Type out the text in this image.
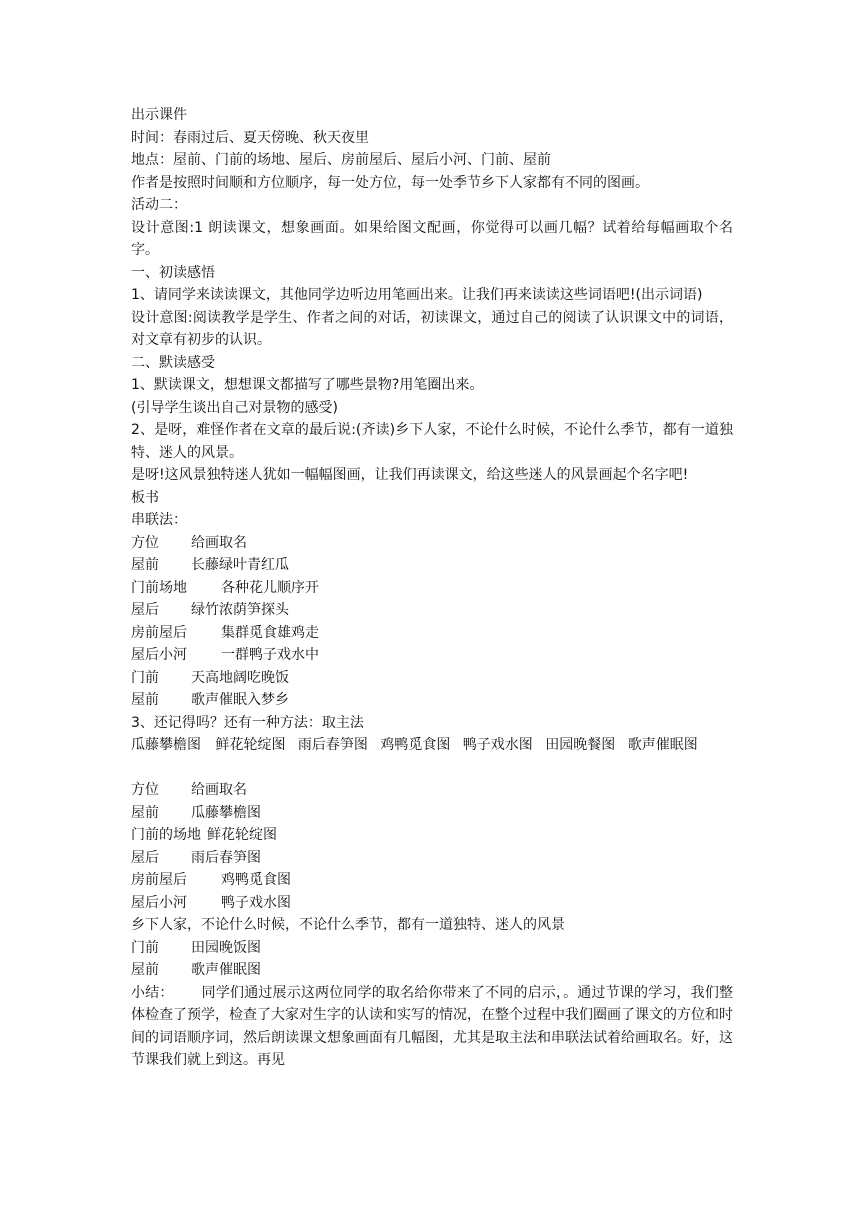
出示课件
时间：春雨过后、夏天傍晚、秋天夜里
地点：屋前、门前的场地、屋后、房前屋后、屋后小河、门前、屋前
作者是按照时间顺和方位顺序，每一处方位，每一处季节乡下人家都有不同的图画。
活动二：
设计意图:1 朗读课文，想象画面。如果给图文配画，你觉得可以画几幅？试着给每幅画取个名字。
一、初读感悟
1、请同学来读读课文，其他同学边听边用笔画出来。让我们再来读读这些词语吧!(出示词语)
设计意图:阅读教学是学生、作者之间的对话，初读课文，通过自己的阅读了认识课文中的词语，对文章有初步的认识。
二、默读感受
1、默读课文，想想课文都描写了哪些景物?用笔圈出来。
(引导学生谈出自己对景物的感受)
2、是呀，难怪作者在文章的最后说:(齐读)乡下人家，不论什么时候，不论什么季节，都有一道独特、迷人的风景。
是呀!这风景独特迷人犹如一幅幅图画，让我们再读课文，给这些迷人的风景画起个名字吧!
板书
串联法：
方位	给画取名
屋前	长藤绿叶青红瓜
门前场地	各种花儿顺序开
屋后	绿竹浓荫笋探头
房前屋后	集群觅食雄鸡走
屋后小河	一群鸭子戏水中
门前	天高地阔吃晚饭
屋前	歌声催眠入梦乡
3、还记得吗？还有一种方法：取主法
瓜藤攀檐图 鲜花轮绽图 雨后春笋图 鸡鸭觅食图 鸭子戏水图 田园晚餐图 歌声催眠图
方位	给画取名
屋前	瓜藤攀檐图
门前的场地 鲜花轮绽图
屋后	雨后春笋图
房前屋后	鸡鸭觅食图
屋后小河	鸭子戏水图
乡下人家，不论什么时候，不论什么季节，都有一道独特、迷人的风景
门前	田园晚饭图
屋前	歌声催眠图
小结： 同学们通过展示这两位同学的取名给你带来了不同的启示，。通过节课的学习，我们整体检查了预学，检查了大家对生字的认读和实写的情况，在整个过程中我们圈画了课文的方位和时间的词语顺序词，然后朗读课文想象画面有几幅图，尤其是取主法和串联法试着给画取名。好，这节课我们就上到这。再见
